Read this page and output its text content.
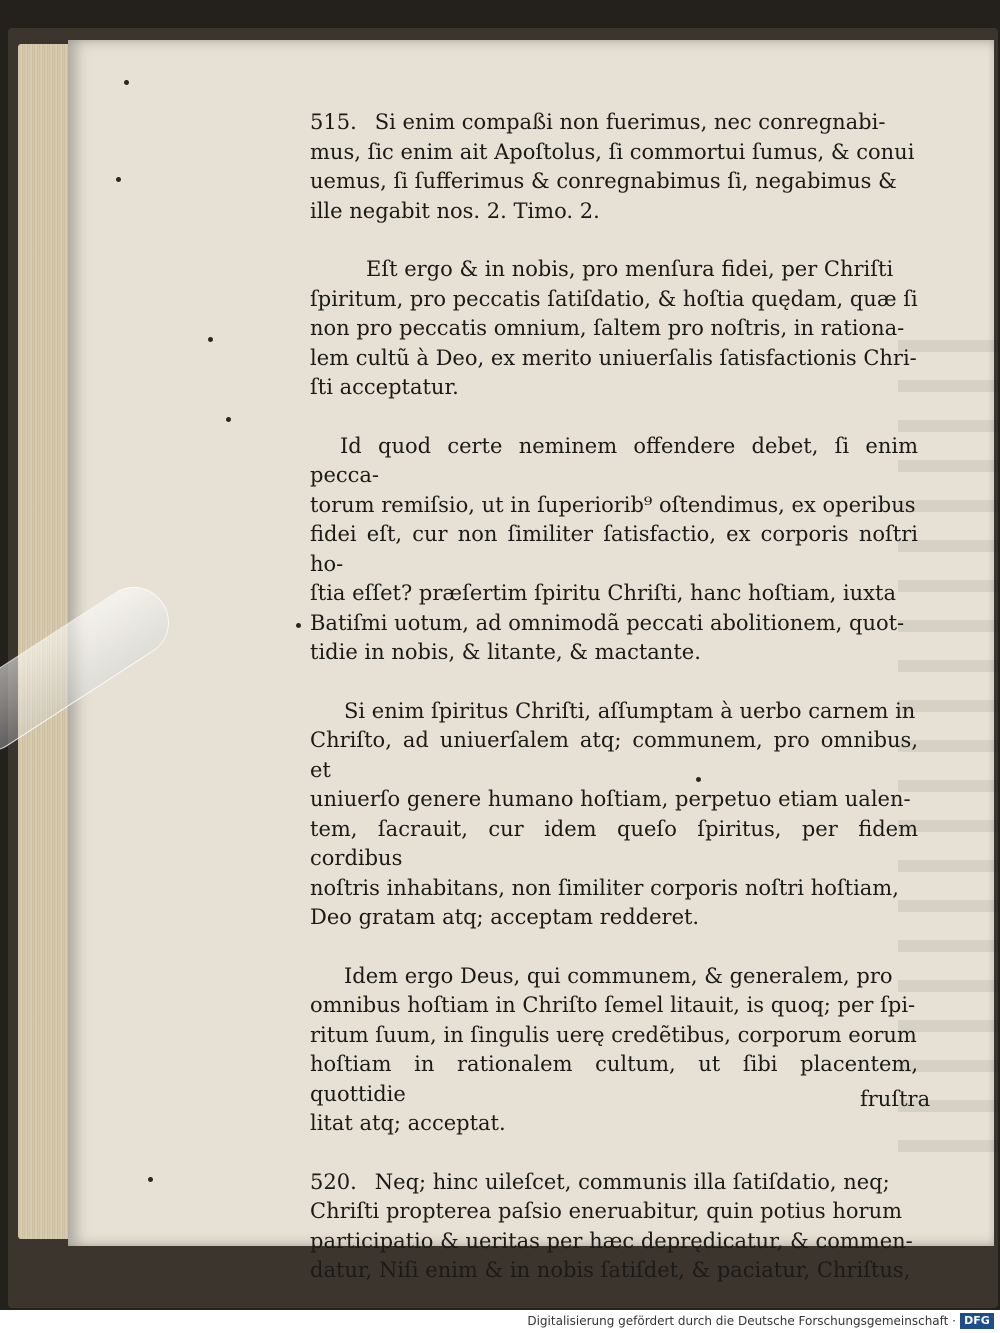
515. Si enim compaßi non fuerimus, nec conregnabi-
mus, ſic enim ait Apoſtolus, ſi commortui ſumus, & conui
uemus, ſi ſufferimus & conregnabimus ſi, negabimus &
ille negabit nos. 2. Timo. 2.

Eſt ergo & in nobis, pro menſura fidei, per Chriſti
ſpiritum, pro peccatis ſatiſdatio, & hoſtia quędam, quæ ſi
non pro peccatis omnium, ſaltem pro noſtris, in rationa-
lem cultũ à Deo, ex merito uniuerſalis ſatisfactionis Chri-
ſti acceptatur.

Id quod certe neminem offendere debet, ſi enim pecca-
torum remiſsio, ut in ſuperiorib⁹ oſtendimus, ex operibus
fidei eſt, cur non ſimiliter ſatisfactio, ex corporis noſtri ho-
ſtia eſſet? præſertim ſpiritu Chriſti, hanc hoſtiam, iuxta
Batiſmi uotum, ad omnimodã peccati abolitionem, quot-
tidie in nobis, & litante, & mactante.

Si enim ſpiritus Chriſti, aſſumptam à uerbo carnem in
Chriſto, ad uniuerſalem atq; communem, pro omnibus, et
uniuerſo genere humano hoſtiam, perpetuo etiam ualen-
tem, ſacrauit, cur idem queſo ſpiritus, per fidem cordibus
noſtris inhabitans, non ſimiliter corporis noſtri hoſtiam,
Deo gratam atq; acceptam redderet.

Idem ergo Deus, qui communem, & generalem, pro
omnibus hoſtiam in Chriſto ſemel litauit, is quoq; per ſpi-
ritum ſuum, in ſingulis uerę credẽtibus, corporum eorum
hoſtiam in rationalem cultum, ut ſibi placentem, quottidie
litat atq; acceptat.

520. Neq; hinc uileſcet, communis illa ſatiſdatio, neq;
Chriſti propterea paſsio eneruabitur, quin potius horum
participatio & ueritas per hæc deprędicatur, & commen-
datur, Niſi enim & in nobis ſatiſdet, & paciatur, Chriſtus,

fruſtra
Digitalisierung gefördert durch die Deutsche Forschungsgemeinschaft · DFG
